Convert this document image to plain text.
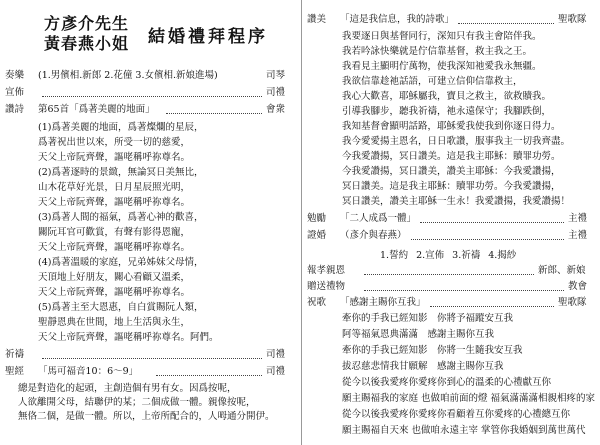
方彥介先生
黃春燕小姐 結婚禮拜程序
奏樂 (1.男儐相.新郎 2.花僮 3.女儐相.新娘進場)	司琴
宣佈	司禮
讚詩 第65首「爲著美麗的地面」	會衆
(1)爲著美麗的地面，爲著燦爛的星辰，
爲著祝出世以來，所受一切的慈愛，
天父上帝阮齊聲，謳咾稱呼祢尊名。
(2)爲著逐時的景緻，無論冥日美無比，
山木花草好光景，日月星辰照光明，
天父上帝阮齊聲，謳咾稱呼祢尊名。
(3)爲著人間的福氣，爲著心神的歡喜，
關阮耳官可歡賞，有聲有影得恩寵，
天父上帝阮齊聲，謳咾稱呼祢尊名。
(4)爲著溫暖的家庭，兄弟姊妹父母情，
天頂地上好朋友，關心看顧又溫柔，
天父上帝阮齊聲，謳咾稱呼祢尊名。
(5)爲著主至大恩惠，自白賞賜阮人類，
聖靜恩典在世間，地上生活與永生，
天父上帝阮齊聲，謳咾稱呼祢尊名。阿們。
祈禱	司禮
聖經 「馬可福音10：6～9」	司禮
總是對造化的起頭，主創造個有男有女。因爲按呢，
人欲離開父母，結聯伊的某；二個成做一體。親像按呢，
無佫二個，是做一體。所以，上帝所配合的，人呣通分開伊。
讚美 「這是我信息，我的詩歌」	聖歌隊
我要逐日與基督同行，深知只有我主會陪伴我。
我若吟詠快樂就是佇信靠基督，救主我之王。
我看見主顯明佇萬物，使我深知祂愛我永無疆。
我欲信靠趁祂話語，可建立信仰信靠救主，
我心大歡喜，耶穌屬我，寶貝之救主，欲救贖我。
引導我腳步，聽我祈禱，祂永遠保守；我腳跌倒，
我知基督會顯明話路，耶穌愛我使我到你逐日得力。
我今愛愛揚主恩名，日日歌讚，服事我主一切我齊盡。
今我愛讚揚，冥日讚美。這是我主耶穌：贖罪功勞。
今我愛讚揚，冥日讚美，讚美主耶穌：今我愛讚揚，
冥日讚美。這是我主耶穌：贖罪功勞。今我愛讚揚，
冥日讚美，讚美主耶穌一生永！我愛讚揚，我愛讚揚！
勉勵 「二人成爲一體」	主禮
證婚 （彥介與春燕）	主禮
1.誓約 2.宣佈 3.祈禱 4.揭紗
報孝親恩	新郎、新娘
贈送禮物	教會
祝歌 「感謝主賜你互我」	聖歌隊
牽你的手我已經知影　你將予福蹤安互我
阿等福氣恩典滿滿　感謝主賜你互我
牽你的手我已經知影　你將一生隨我安互我
拔忍慈悲情我甘願解　感謝主賜你互我
從今以後我愛疼你愛疼你到心的溫柔的心禮獻互你
願主賜福我的家庭 也做咱前面的燈 福氣滿滿滿相親相疼的家
從今以後我愛疼你愛疼你看顧着互你愛疼的心禮總互你
願主賜福自天來 也做咱永遠主宰 掌管你我婚姻到萬世萬代
